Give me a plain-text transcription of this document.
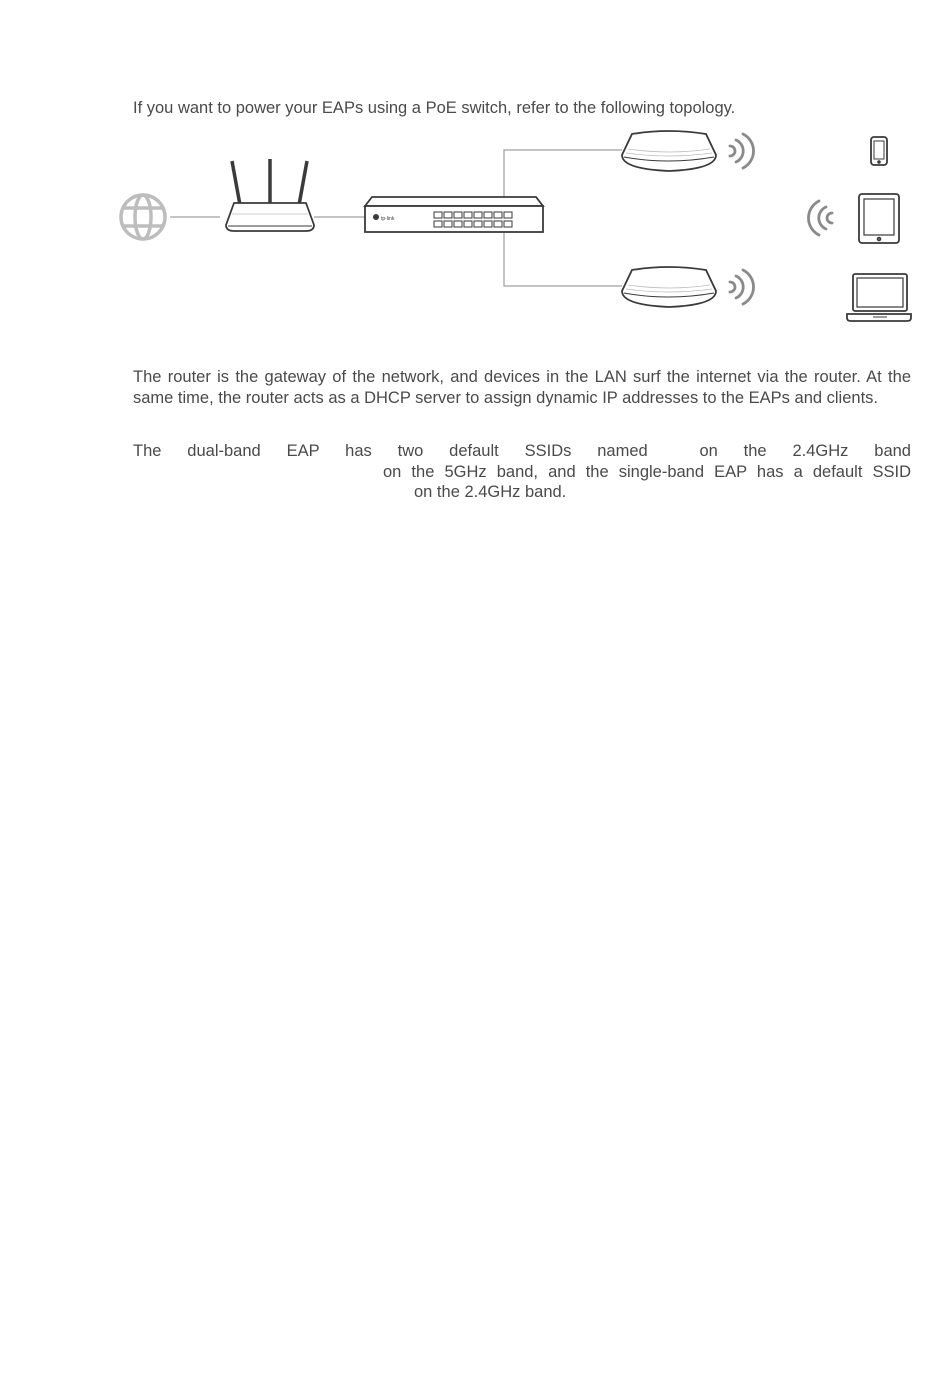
If you want to power your EAPs using a PoE switch, refer to the following topology.

tp-link

The router is the gateway of the network, and devices in the LAN surf the internet via the router. At the same time, the router acts as a DHCP server to assign dynamic IP addresses to the EAPs and clients.

The dual-band EAP has two default SSIDs named	on the 2.4GHz band
on the 5GHz band, and the single-band EAP has a default SSID
on the 2.4GHz band.
